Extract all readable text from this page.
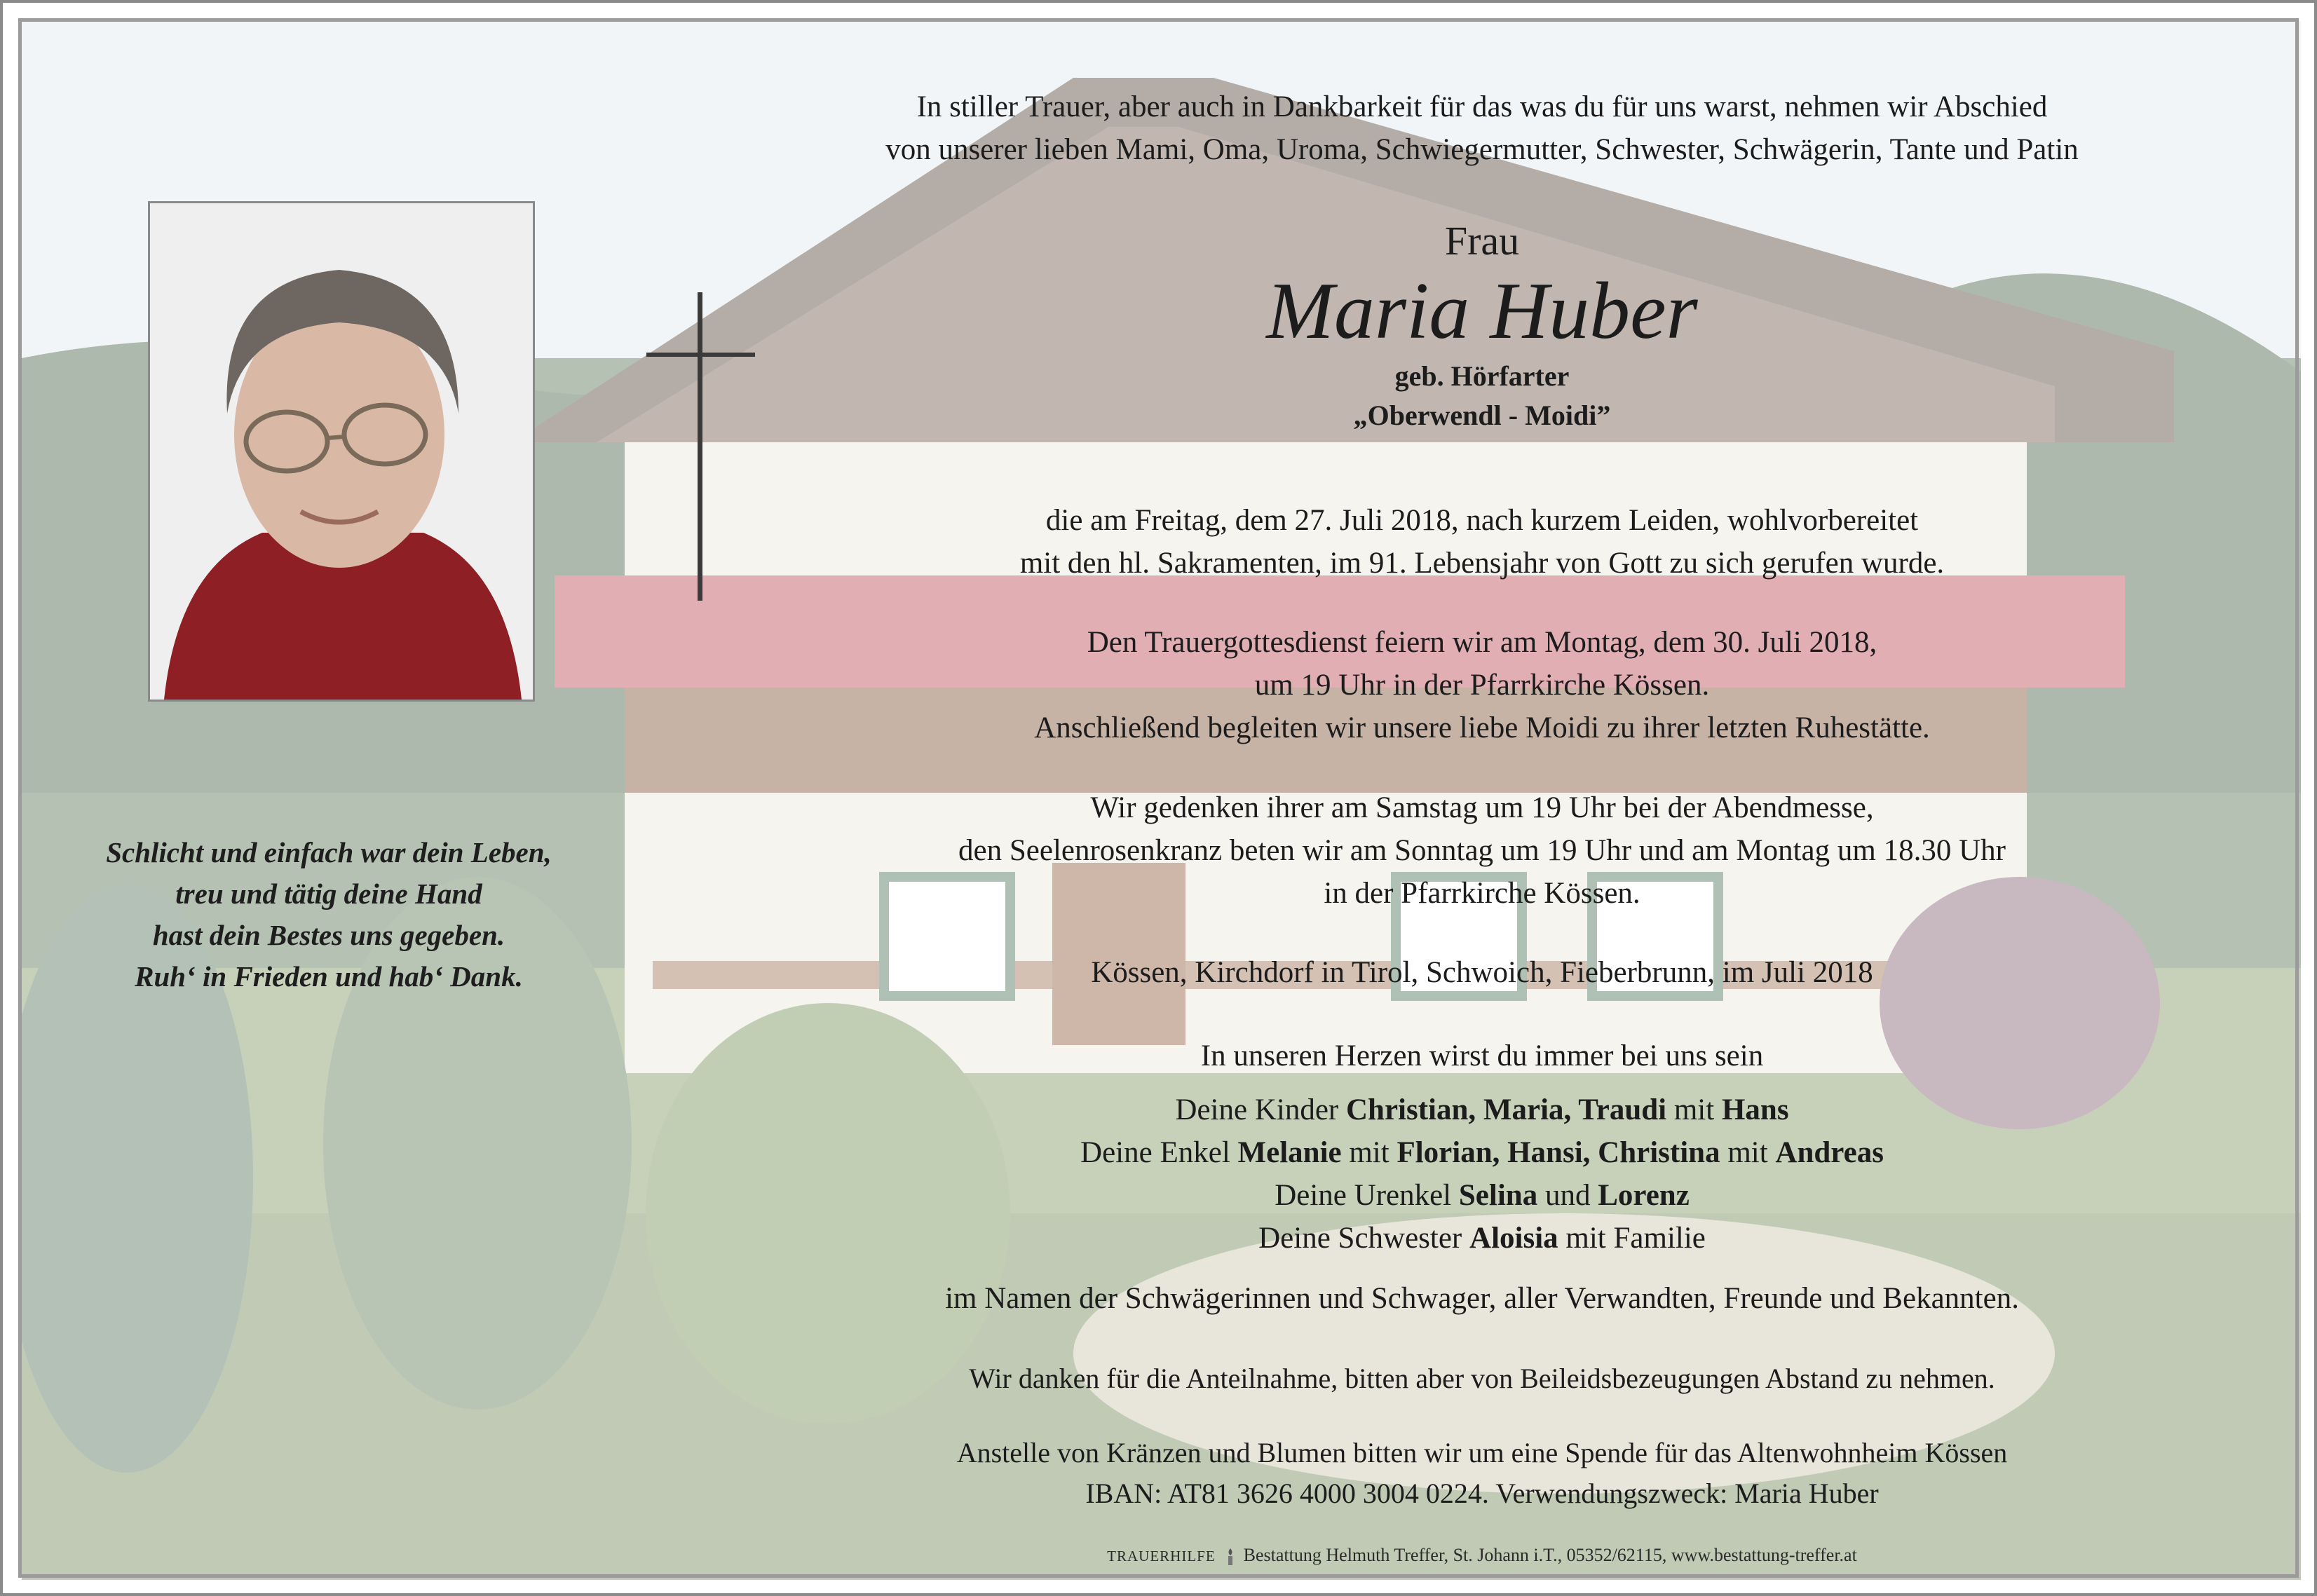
In stiller Trauer, aber auch in Dankbarkeit für das was du für uns warst, nehmen wir Abschied

von unserer lieben Mami, Oma, Uroma, Schwiegermutter, Schwester, Schwägerin, Tante und Patin

Frau

Maria Huber

geb. Hörfarter

„Oberwendl - Moidi”

die am Freitag, dem 27. Juli 2018, nach kurzem Leiden, wohlvorbereitet

mit den hl. Sakramenten, im 91. Lebensjahr von Gott zu sich gerufen wurde.

Den Trauergottesdienst feiern wir am Montag, dem 30. Juli 2018,

um 19 Uhr in der Pfarrkirche Kössen.

Anschließend begleiten wir unsere liebe Moidi zu ihrer letzten Ruhestätte.

Wir gedenken ihrer am Samstag um 19 Uhr bei der Abendmesse,

den Seelenrosenkranz beten wir am Sonntag um 19 Uhr und am Montag um 18.30 Uhr

in der Pfarrkirche Kössen.

Kössen, Kirchdorf in Tirol, Schwoich, Fieberbrunn, im Juli 2018

In unseren Herzen wirst du immer bei uns sein

Deine Kinder Christian, Maria, Traudi mit Hans

Deine Enkel Melanie mit Florian, Hansi, Christina mit Andreas

Deine Urenkel Selina und Lorenz

Deine Schwester Aloisia mit Familie

im Namen der Schwägerinnen und Schwager, aller Verwandten, Freunde und Bekannten.

Wir danken für die Anteilnahme, bitten aber von Beileidsbezeugungen Abstand zu nehmen.

Anstelle von Kränzen und Blumen bitten wir um eine Spende für das Altenwohnheim Kössen

IBAN: AT81 3626 4000 3004 0224. Verwendungszweck: Maria Huber

Schlicht und einfach war dein Leben,
treu und tätig deine Hand
hast dein Bestes uns gegeben.
Ruh‘ in Frieden und hab‘ Dank.
TRAUERHILFE Bestattung Helmuth Treffer, St. Johann i.T., 05352/62115, www.bestattung-treffer.at
